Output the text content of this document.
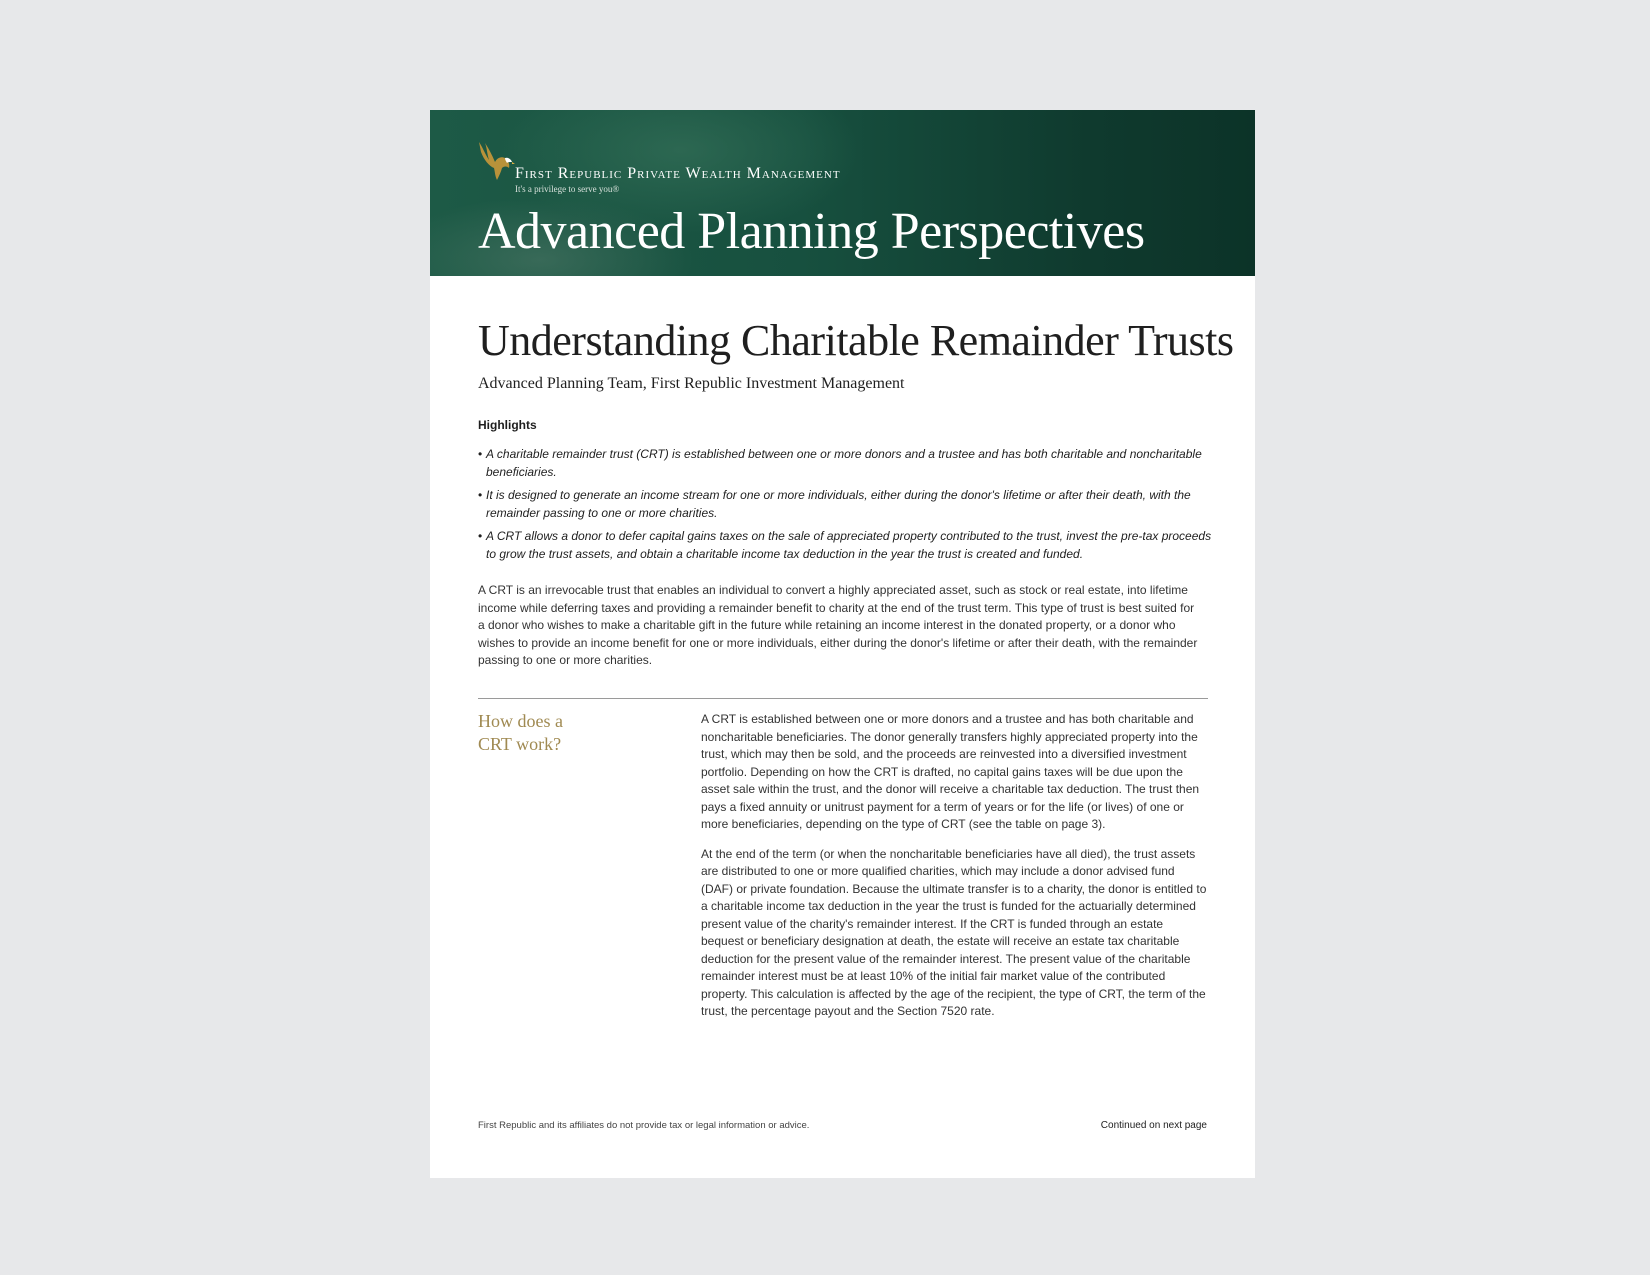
First Republic Private Wealth Management
It's a privilege to serve you®
Advanced Planning Perspectives
Understanding Charitable Remainder Trusts
Advanced Planning Team, First Republic Investment Management
Highlights
• A charitable remainder trust (CRT) is established between one or more donors and a trustee and has both charitable and noncharitable beneficiaries.
• It is designed to generate an income stream for one or more individuals, either during the donor's lifetime or after their death, with the remainder passing to one or more charities.
• A CRT allows a donor to defer capital gains taxes on the sale of appreciated property contributed to the trust, invest the pre-tax proceeds to grow the trust assets, and obtain a charitable income tax deduction in the year the trust is created and funded.

A CRT is an irrevocable trust that enables an individual to convert a highly appreciated asset, such as stock or real estate, into lifetime income while deferring taxes and providing a remainder benefit to charity at the end of the trust term. This type of trust is best suited for a donor who wishes to make a charitable gift in the future while retaining an income interest in the donated property, or a donor who wishes to provide an income benefit for one or more individuals, either during the donor's lifetime or after their death, with the remainder passing to one or more charities.

How does a
CRT work?

A CRT is established between one or more donors and a trustee and has both charitable and noncharitable beneficiaries. The donor generally transfers highly appreciated property into the trust, which may then be sold, and the proceeds are reinvested into a diversified investment portfolio. Depending on how the CRT is drafted, no capital gains taxes will be due upon the asset sale within the trust, and the donor will receive a charitable tax deduction. The trust then pays a fixed annuity or unitrust payment for a term of years or for the life (or lives) of one or more beneficiaries, depending on the type of CRT (see the table on page 3).

At the end of the term (or when the noncharitable beneficiaries have all died), the trust assets are distributed to one or more qualified charities, which may include a donor advised fund (DAF) or private foundation. Because the ultimate transfer is to a charity, the donor is entitled to a charitable income tax deduction in the year the trust is funded for the actuarially determined present value of the charity's remainder interest. If the CRT is funded through an estate bequest or beneficiary designation at death, the estate will receive an estate tax charitable deduction for the present value of the remainder interest. The present value of the charitable remainder interest must be at least 10% of the initial fair market value of the contributed property. This calculation is affected by the age of the recipient, the type of CRT, the term of the trust, the percentage payout and the Section 7520 rate.

First Republic and its affiliates do not provide tax or legal information or advice.	Continued on next page
